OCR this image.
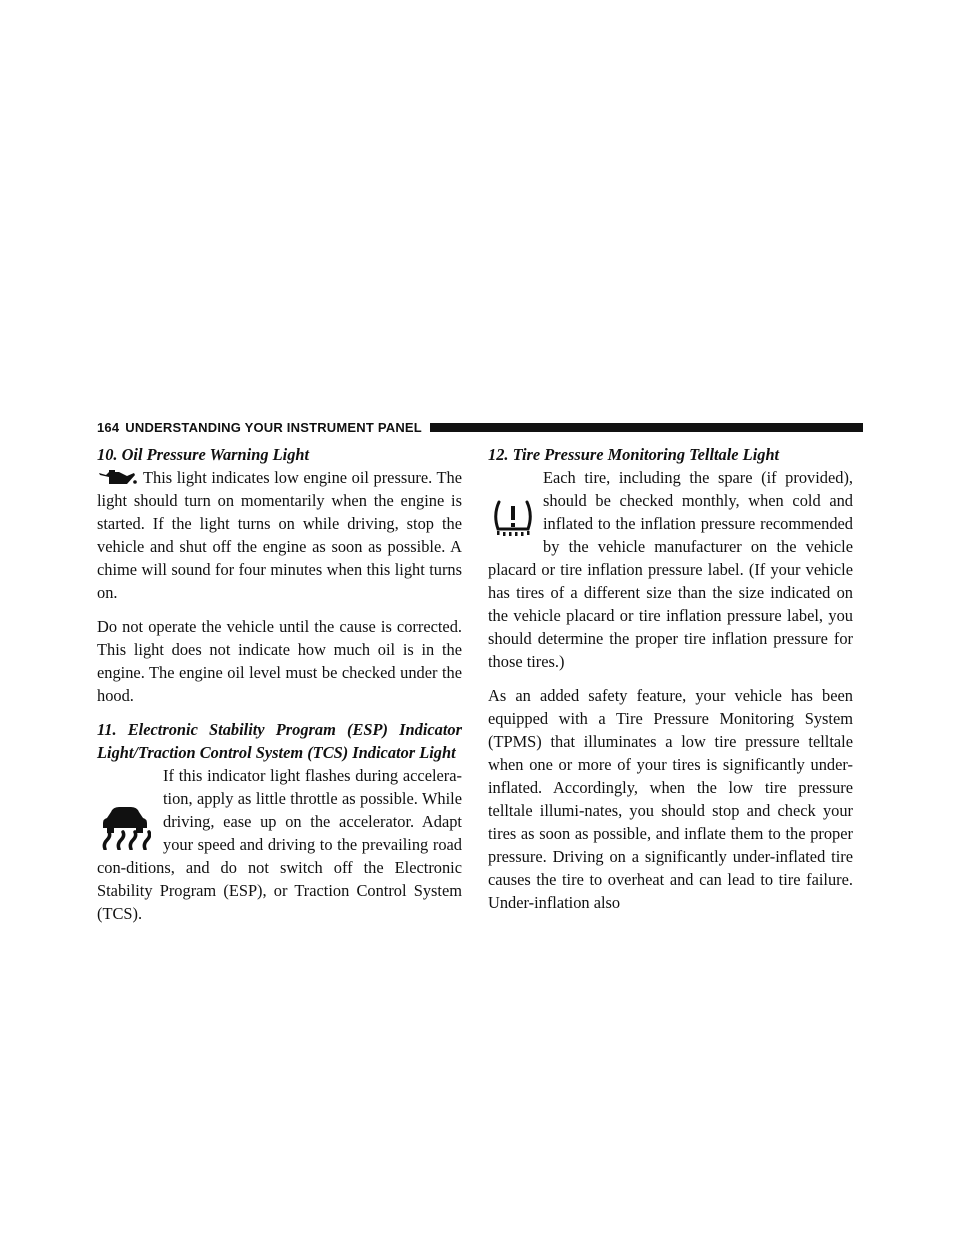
164 UNDERSTANDING YOUR INSTRUMENT PANEL

10. Oil Pressure Warning Light

This light indicates low engine oil pressure. The light should turn on momentarily when the engine is started. If the light turns on while driving, stop the vehicle and shut off the engine as soon as possible. A chime will sound for four minutes when this light turns on.

Do not operate the vehicle until the cause is corrected. This light does not indicate how much oil is in the engine. The engine oil level must be checked under the hood.

11. Electronic Stability Program (ESP) Indicator Light/Traction Control System (TCS) Indicator Light

If this indicator light flashes during accelera-tion, apply as little throttle as possible. While driving, ease up on the accelerator. Adapt your speed and driving to the prevailing road con-ditions, and do not switch off the Electronic Stability Program (ESP), or Traction Control System (TCS).

12. Tire Pressure Monitoring Telltale Light

Each tire, including the spare (if provided), should be checked monthly, when cold and inflated to the inflation pressure recommended by the vehicle manufacturer on the vehicle placard or tire inflation pressure label. (If your vehicle has tires of a different size than the size indicated on the vehicle placard or tire inflation pressure label, you should determine the proper tire inflation pressure for those tires.)

As an added safety feature, your vehicle has been equipped with a Tire Pressure Monitoring System (TPMS) that illuminates a low tire pressure telltale when one or more of your tires is significantly under-inflated. Accordingly, when the low tire pressure telltale illumi-nates, you should stop and check your tires as soon as possible, and inflate them to the proper pressure. Driving on a significantly under-inflated tire causes the tire to overheat and can lead to tire failure. Under-inflation also
